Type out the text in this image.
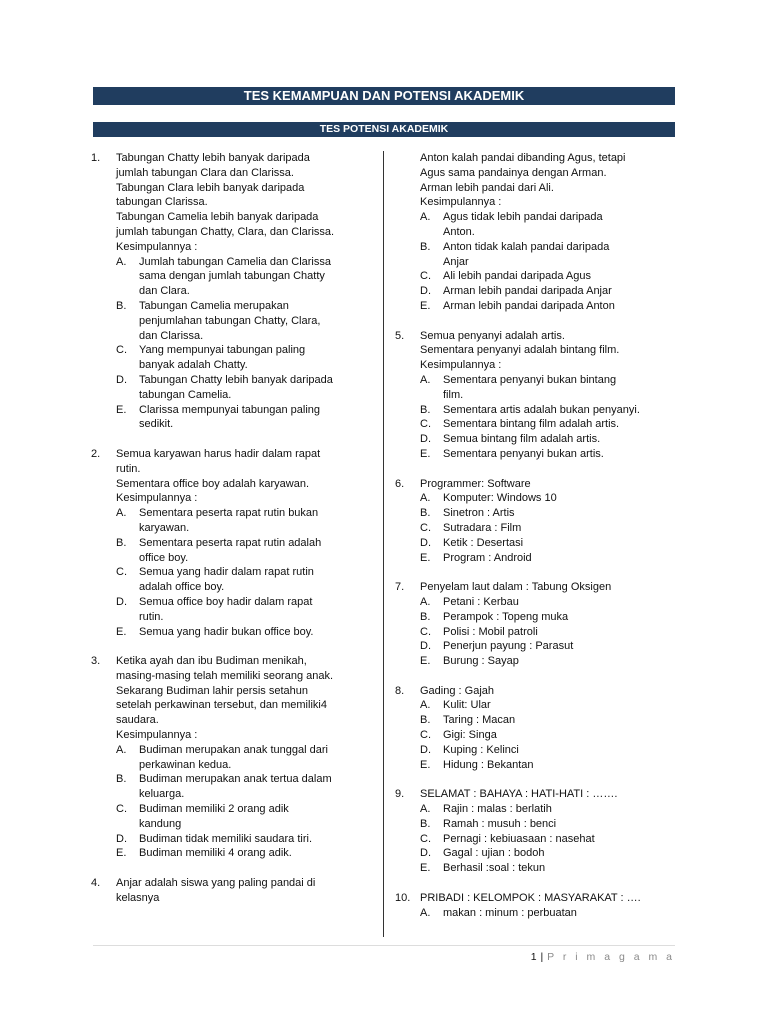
TES KEMAMPUAN DAN POTENSI AKADEMIK
TES POTENSI AKADEMIK
1. Tabungan Chatty lebih banyak daripada
jumlah tabungan Clara dan Clarissa.
Tabungan Clara lebih banyak daripada
tabungan Clarissa.
Tabungan Camelia lebih banyak daripada
jumlah tabungan Chatty, Clara, dan Clarissa.
Kesimpulannya :
A. Jumlah tabungan Camelia dan Clarissa
sama dengan jumlah tabungan Chatty
dan Clara.
B. Tabungan Camelia merupakan
penjumlahan tabungan Chatty, Clara,
dan Clarissa.
C. Yang mempunyai tabungan paling
banyak adalah Chatty.
D. Tabungan Chatty lebih banyak daripada
tabungan Camelia.
E. Clarissa mempunyai tabungan paling
sedikit.
2. Semua karyawan harus hadir dalam rapat
rutin.
Sementara office boy adalah karyawan.
Kesimpulannya :
A. Sementara peserta rapat rutin bukan
karyawan.
B. Sementara peserta rapat rutin adalah
office boy.
C. Semua yang hadir dalam rapat rutin
adalah office boy.
D. Semua office boy hadir dalam rapat
rutin.
E. Semua yang hadir bukan office boy.
3. Ketika ayah dan ibu Budiman menikah,
masing-masing telah memiliki seorang anak.
Sekarang Budiman lahir persis setahun
setelah perkawinan tersebut, dan memiliki4
saudara.
Kesimpulannya :
A. Budiman merupakan anak tunggal dari
perkawinan kedua.
B. Budiman merupakan anak tertua dalam
keluarga.
C. Budiman memiliki 2 orang adik
kandung
D. Budiman tidak memiliki saudara tiri.
E. Budiman memiliki 4 orang adik.
4. Anjar adalah siswa yang paling pandai di
kelasnya
Anton kalah pandai dibanding Agus, tetapi
Agus sama pandainya dengan Arman.
Arman lebih pandai dari Ali.
Kesimpulannya :
A. Agus tidak lebih pandai daripada
Anton.
B. Anton tidak kalah pandai daripada
Anjar
C. Ali lebih pandai daripada Agus
D. Arman lebih pandai daripada Anjar
E. Arman lebih pandai daripada Anton
5. Semua penyanyi adalah artis.
Sementara penyanyi adalah bintang film.
Kesimpulannya :
A. Sementara penyanyi bukan bintang
film.
B. Sementara artis adalah bukan penyanyi.
C. Sementara bintang film adalah artis.
D. Semua bintang film adalah artis.
E. Sementara penyanyi bukan artis.
6. Programmer: Software
A. Komputer: Windows 10
B. Sinetron : Artis
C. Sutradara : Film
D. Ketik : Desertasi
E. Program : Android
7. Penyelam laut dalam : Tabung Oksigen
A. Petani : Kerbau
B. Perampok : Topeng muka
C. Polisi : Mobil patroli
D. Penerjun payung : Parasut
E. Burung : Sayap
8. Gading : Gajah
A. Kulit: Ular
B. Taring : Macan
C. Gigi: Singa
D. Kuping : Kelinci
E. Hidung : Bekantan
9. SELAMAT : BAHAYA : HATI-HATI : …….
A. Rajin : malas : berlatih
B. Ramah : musuh : benci
C. Pernagi : kebiuasaan : nasehat
D. Gagal : ujian : bodoh
E. Berhasil :soal : tekun
10. PRIBADI : KELOMPOK : MASYARAKAT : ….
A. makan : minum : perbuatan
1 | P r i m a g a m a
